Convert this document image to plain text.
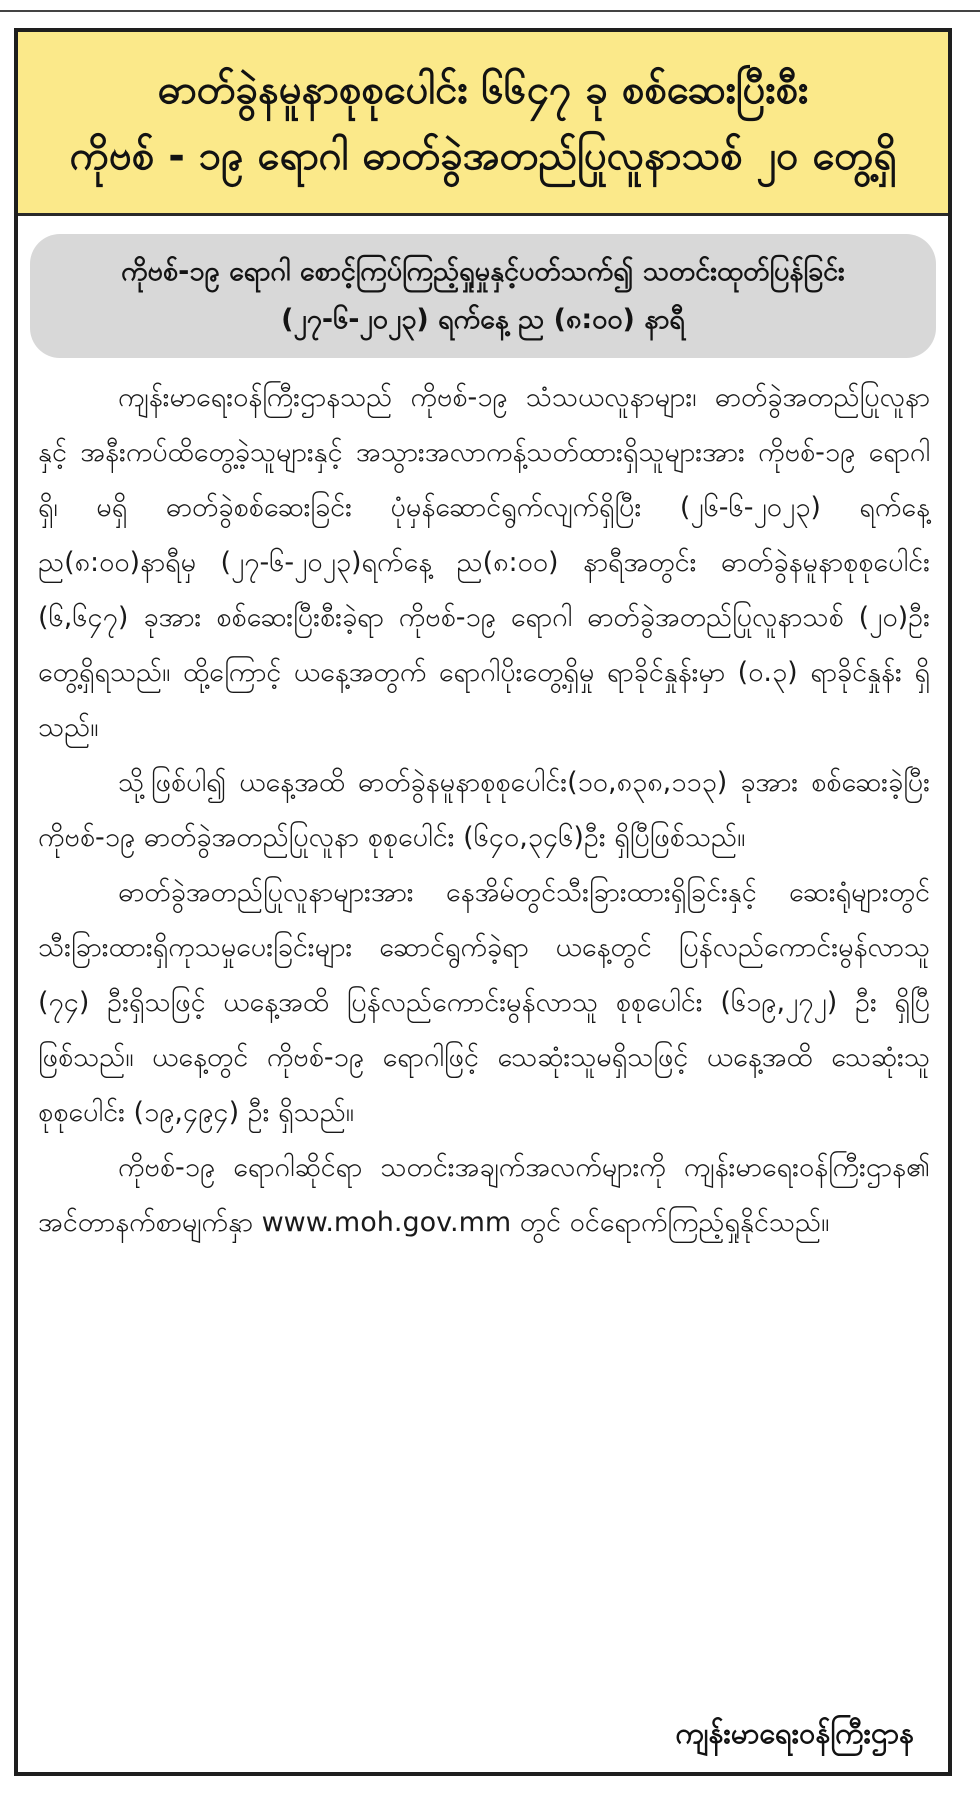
ဓာတ်ခွဲနမူနာစုစုပေါင်း ၆၆၄၇ ခု စစ်ဆေးပြီးစီး
ကိုဗစ် - ၁၉ ရောဂါ ဓာတ်ခွဲအတည်ပြုလူနာသစ် ၂၀ တွေ့ရှိ
ကိုဗစ်-၁၉ ရောဂါ စောင့်ကြပ်ကြည့်ရှုမှုနှင့်ပတ်သက်၍ သတင်းထုတ်ပြန်ခြင်း
(၂၇-၆-၂၀၂၃) ရက်နေ့ ည (၈:၀၀) နာရီ

ကျန်းမာရေးဝန်ကြီးဌာနသည် ကိုဗစ်-၁၉ သံသယလူနာများ၊ ဓာတ်ခွဲအတည်ပြုလူနာနှင့် အနီးကပ်ထိတွေ့ခဲ့သူများနှင့် အသွားအလာကန့်သတ်ထားရှိသူများအား ကိုဗစ်-၁၉ ရောဂါ ရှိ၊ မရှိ ဓာတ်ခွဲစစ်ဆေးခြင်း ပုံမှန်ဆောင်ရွက်လျက်ရှိပြီး (၂၆-၆-၂၀၂၃) ရက်နေ့ ည(၈:၀၀)နာရီမှ (၂၇-၆-၂၀၂၃)ရက်နေ့ ည(၈:၀၀) နာရီအတွင်း ဓာတ်ခွဲနမူနာစုစုပေါင်း (၆,၆၄၇) ခုအား စစ်ဆေးပြီးစီးခဲ့ရာ ကိုဗစ်-၁၉ ရောဂါ ဓာတ်ခွဲအတည်ပြုလူနာသစ် (၂၀)ဦး တွေ့ရှိရသည်။ ထို့ကြောင့် ယနေ့အတွက် ရောဂါပိုးတွေ့ရှိမှု ရာခိုင်နှုန်းမှာ (၀.၃) ရာခိုင်နှုန်း ရှိသည်။

သို့ဖြစ်ပါ၍ ယနေ့အထိ ဓာတ်ခွဲနမူနာစုစုပေါင်း(၁၀,၈၃၈,၁၁၃) ခုအား စစ်ဆေးခဲ့ပြီး ကိုဗစ်-၁၉ ဓာတ်ခွဲအတည်ပြုလူနာ စုစုပေါင်း (၆၄၀,၃၄၆)ဦး ရှိပြီဖြစ်သည်။

ဓာတ်ခွဲအတည်ပြုလူနာများအား နေအိမ်တွင်သီးခြားထားရှိခြင်းနှင့် ဆေးရုံများတွင် သီးခြားထားရှိကုသမှုပေးခြင်းများ ဆောင်ရွက်ခဲ့ရာ ယနေ့တွင် ပြန်လည်ကောင်းမွန်လာသူ (၇၄) ဦးရှိသဖြင့် ယနေ့အထိ ပြန်လည်ကောင်းမွန်လာသူ စုစုပေါင်း (၆၁၉,၂၇၂) ဦး ရှိပြီဖြစ်သည်။ ယနေ့တွင် ကိုဗစ်-၁၉ ရောဂါဖြင့် သေဆုံးသူမရှိသဖြင့် ယနေ့အထိ သေဆုံးသူစုစုပေါင်း (၁၉,၄၉၄) ဦး ရှိသည်။

ကိုဗစ်-၁၉ ရောဂါဆိုင်ရာ သတင်းအချက်အလက်များကို ကျန်းမာရေးဝန်ကြီးဌာန၏ အင်တာနက်စာမျက်နှာ www.moh.gov.mm တွင် ဝင်ရောက်ကြည့်ရှုနိုင်သည်။

ကျန်းမာရေးဝန်ကြီးဌာန
